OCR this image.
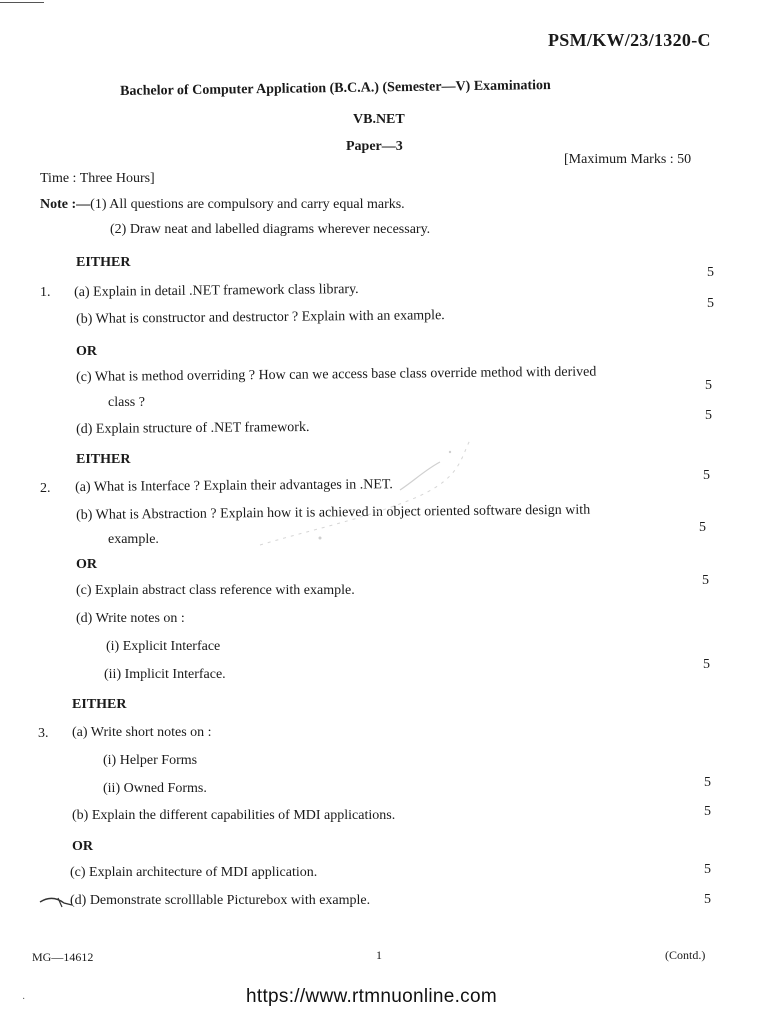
PSM/KW/23/1320-C
Bachelor of Computer Application (B.C.A.) (Semester—V) Examination
VB.NET
Paper—3
[Maximum Marks : 50
Time : Three Hours]
Note :—(1) All questions are compulsory and carry equal marks.
(2) Draw neat and labelled diagrams wherever necessary.
EITHER
5
1. (a) Explain in detail .NET framework class library.
5
(b) What is constructor and destructor ? Explain with an example.
OR
(c) What is method overriding ? How can we access base class override method with derived
class ?
5
5
(d) Explain structure of .NET framework.
EITHER
5
2. (a) What is Interface ? Explain their advantages in .NET.
(b) What is Abstraction ? Explain how it is achieved in object oriented software design with
example.
5
OR
5
(c) Explain abstract class reference with example.
(d) Write notes on :
(i) Explicit Interface
5
(ii) Implicit Interface.
EITHER
3. (a) Write short notes on :
(i) Helper Forms
5
(ii) Owned Forms.
5
(b) Explain the different capabilities of MDI applications.
OR
5
(c) Explain architecture of MDI application.
5
(d) Demonstrate scrolllable Picturebox with example.
MG—14612	1	(Contd.)
·	https://www.rtmnuonline.com
